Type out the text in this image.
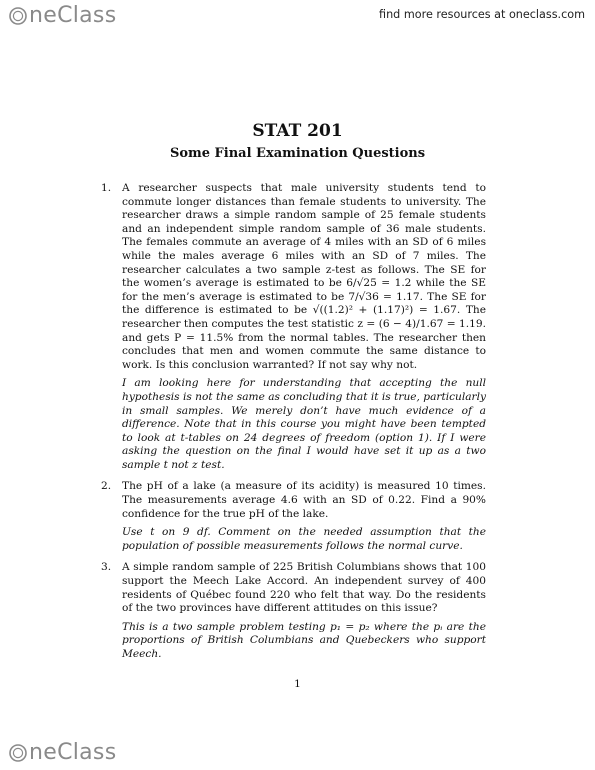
neClass	find more resources at oneclass.com
STAT 201
Some Final Examination Questions
1. A researcher suspects that male university students tend to commute longer distances than female students to university. The researcher draws a simple random sample of 25 female students and an independent simple random sample of 36 male students. The females commute an average of 4 miles with an SD of 6 miles while the males average 6 miles with an SD of 7 miles. The researcher calculates a two sample z-test as follows. The SE for the women’s average is estimated to be 6/√25 = 1.2 while the SE for the men’s average is estimated to be 7/√36 = 1.17. The SE for the difference is estimated to be √((1.2)² + (1.17)²) = 1.67. The researcher then computes the test statistic z = (6 − 4)/1.67 = 1.19. and gets P = 11.5% from the normal tables. The researcher then concludes that men and women commute the same distance to work. Is this conclusion warranted? If not say why not.

I am looking here for understanding that accepting the null hypothesis is not the same as concluding that it is true, particularly in small samples. We merely don’t have much evidence of a difference. Note that in this course you might have been tempted to look at t-tables on 24 degrees of freedom (option 1). If I were asking the question on the final I would have set it up as a two sample t not z test.

2. The pH of a lake (a measure of its acidity) is measured 10 times. The measurements average 4.6 with an SD of 0.22. Find a 90% confidence for the true pH of the lake.

Use t on 9 df. Comment on the needed assumption that the population of possible measurements follows the normal curve.

3. A simple random sample of 225 British Columbians shows that 100 support the Meech Lake Accord. An independent survey of 400 residents of Québec found 220 who felt that way. Do the residents of the two provinces have different attitudes on this issue?

This is a two sample problem testing p₁ = p₂ where the pᵢ are the proportions of British Columbians and Quebeckers who support Meech.

1
neClass
